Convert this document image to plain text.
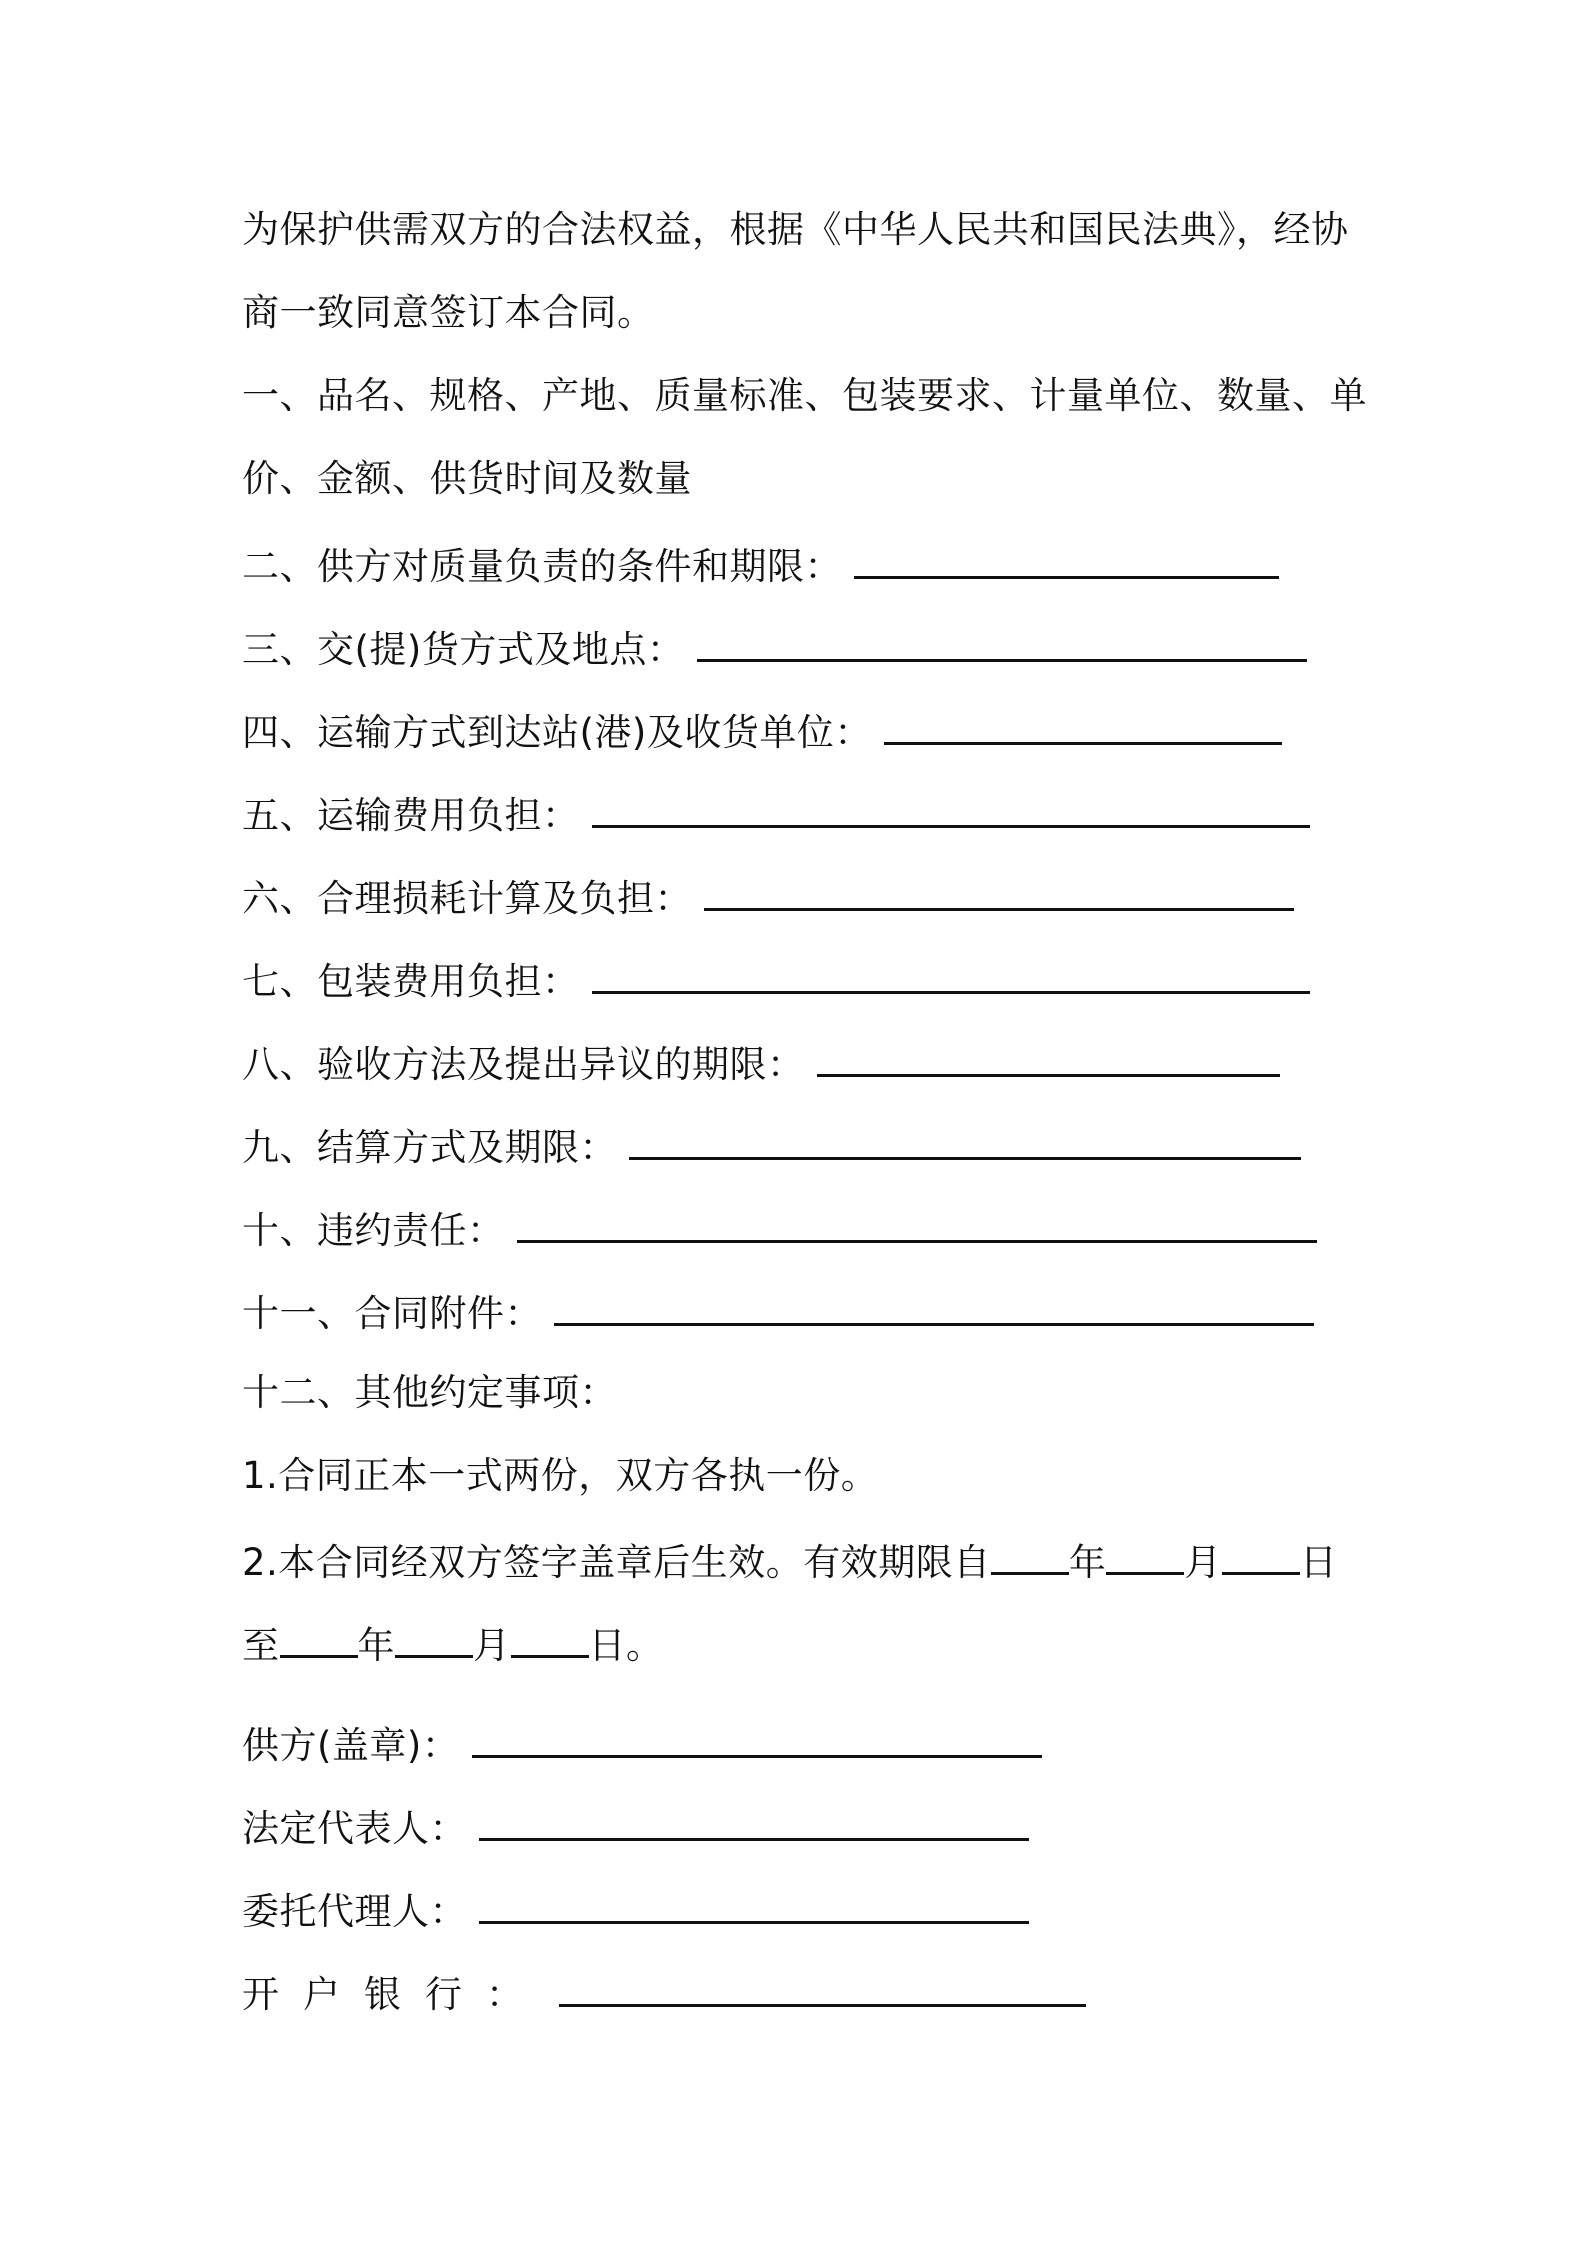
为保护供需双方的合法权益，根据《中华人民共和国民法典》，经协
商一致同意签订本合同。
一、品名、规格、产地、质量标准、包装要求、计量单位、数量、单
价、金额、供货时间及数量
二、供方对质量负责的条件和期限：
三、交(提)货方式及地点：
四、运输方式到达站(港)及收货单位：
五、运输费用负担：
六、合理损耗计算及负担：
七、包装费用负担：
八、验收方法及提出异议的期限：
九、结算方式及期限：
十、违约责任：
十一、合同附件：
十二、其他约定事项：
1.合同正本一式两份，双方各执一份。
2.本合同经双方签字盖章后生效。有效期限自 年 月 日
至 年 月 日。
供方(盖章)：
法定代表人：
委托代理人：
开户银行：
